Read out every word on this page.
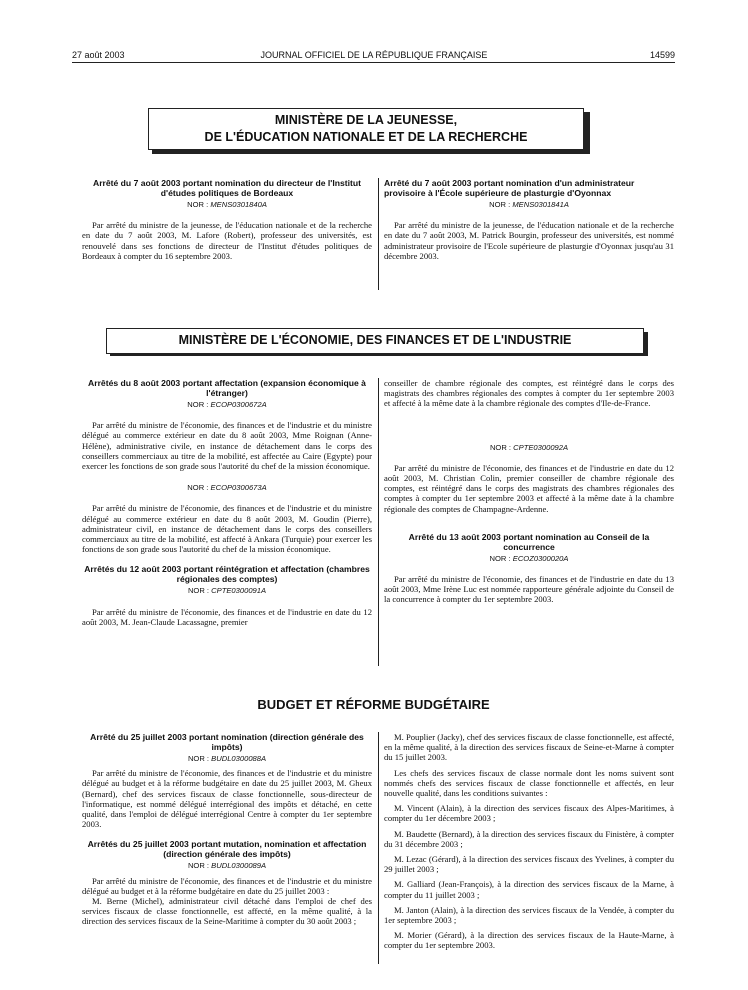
27 août 2003	JOURNAL OFFICIEL DE LA RÉPUBLIQUE FRANÇAISE	14599
MINISTÈRE DE LA JEUNESSE,
DE L'ÉDUCATION NATIONALE ET DE LA RECHERCHE
Arrêté du 7 août 2003 portant nomination du directeur de l'Institut d'études politiques de Bordeaux
NOR : MENS0301840A

Par arrêté du ministre de la jeunesse, de l'éducation nationale et de la recherche en date du 7 août 2003, M. Lafore (Robert), professeur des universités, est renouvelé dans ses fonctions de directeur de l'Institut d'études politiques de Bordeaux à compter du 16 septembre 2003.

Arrêté du 7 août 2003 portant nomination d'un administrateur provisoire à l'École supérieure de plasturgie d'Oyonnax
NOR : MENS0301841A

Par arrêté du ministre de la jeunesse, de l'éducation nationale et de la recherche en date du 7 août 2003, M. Patrick Bourgin, professeur des universités, est nommé administrateur provisoire de l'Ecole supérieure de plasturgie d'Oyonnax jusqu'au 31 décembre 2003.

MINISTÈRE DE L'ÉCONOMIE, DES FINANCES ET DE L'INDUSTRIE
Arrêtés du 8 août 2003 portant affectation (expansion économique à l'étranger)
NOR : ECOP0300672A

Par arrêté du ministre de l'économie, des finances et de l'industrie et du ministre délégué au commerce extérieur en date du 8 août 2003, Mme Roignan (Anne-Hélène), administrative civile, en instance de détachement dans le corps des conseillers commerciaux au titre de la mobilité, est affectée au Caire (Egypte) pour exercer les fonctions de son grade sous l'autorité du chef de la mission économique.

NOR : ECOP0300673A

Par arrêté du ministre de l'économie, des finances et de l'industrie et du ministre délégué au commerce extérieur en date du 8 août 2003, M. Goudin (Pierre), administrateur civil, en instance de détachement dans le corps des conseillers commerciaux au titre de la mobilité, est affecté à Ankara (Turquie) pour exercer les fonctions de son grade sous l'autorité du chef de la mission économique.

Arrêtés du 12 août 2003 portant réintégration et affectation (chambres régionales des comptes)
NOR : CPTE0300091A

Par arrêté du ministre de l'économie, des finances et de l'industrie en date du 12 août 2003, M. Jean-Claude Lacassagne, premier

conseiller de chambre régionale des comptes, est réintégré dans le corps des magistrats des chambres régionales des comptes à compter du 1er septembre 2003 et affecté à la même date à la chambre régionale des comptes d'Ile-de-France.

NOR : CPTE0300092A

Par arrêté du ministre de l'économie, des finances et de l'industrie en date du 12 août 2003, M. Christian Colin, premier conseiller de chambre régionale des comptes, est réintégré dans le corps des magistrats des chambres régionales des comptes à compter du 1er septembre 2003 et affecté à la même date à la chambre régionale des comptes de Champagne-Ardenne.

Arrêté du 13 août 2003 portant nomination au Conseil de la concurrence
NOR : ECOZ0300020A

Par arrêté du ministre de l'économie, des finances et de l'industrie en date du 13 août 2003, Mme Irène Luc est nommée rapporteure générale adjointe du Conseil de la concurrence à compter du 1er septembre 2003.

BUDGET ET RÉFORME BUDGÉTAIRE
Arrêté du 25 juillet 2003 portant nomination (direction générale des impôts)
NOR : BUDL0300088A

Par arrêté du ministre de l'économie, des finances et de l'industrie et du ministre délégué au budget et à la réforme budgétaire en date du 25 juillet 2003, M. Gheux (Bernard), chef des services fiscaux de classe fonctionnelle, sous-directeur de l'informatique, est nommé délégué interrégional des impôts et détaché, en cette qualité, dans l'emploi de délégué interrégional Centre à compter du 1er septembre 2003.

Arrêtés du 25 juillet 2003 portant mutation, nomination et affectation (direction générale des impôts)
NOR : BUDL0300089A

Par arrêté du ministre de l'économie, des finances et de l'industrie et du ministre délégué au budget et à la réforme budgétaire en date du 25 juillet 2003 :

M. Berne (Michel), administrateur civil détaché dans l'emploi de chef des services fiscaux de classe fonctionnelle, est affecté, en la même qualité, à la direction des services fiscaux de la Seine-Maritime à compter du 30 août 2003 ;

M. Pouplier (Jacky), chef des services fiscaux de classe fonctionnelle, est affecté, en la même qualité, à la direction des services fiscaux de Seine-et-Marne à compter du 15 juillet 2003.

Les chefs des services fiscaux de classe normale dont les noms suivent sont nommés chefs des services fiscaux de classe fonctionnelle et affectés, en leur nouvelle qualité, dans les conditions suivantes :

M. Vincent (Alain), à la direction des services fiscaux des Alpes-Maritimes, à compter du 1er décembre 2003 ;

M. Baudette (Bernard), à la direction des services fiscaux du Finistère, à compter du 31 décembre 2003 ;

M. Lezac (Gérard), à la direction des services fiscaux des Yvelines, à compter du 29 juillet 2003 ;

M. Galliard (Jean-François), à la direction des services fiscaux de la Marne, à compter du 11 juillet 2003 ;

M. Janton (Alain), à la direction des services fiscaux de la Vendée, à compter du 1er septembre 2003 ;

M. Morier (Gérard), à la direction des services fiscaux de la Haute-Marne, à compter du 1er septembre 2003.
